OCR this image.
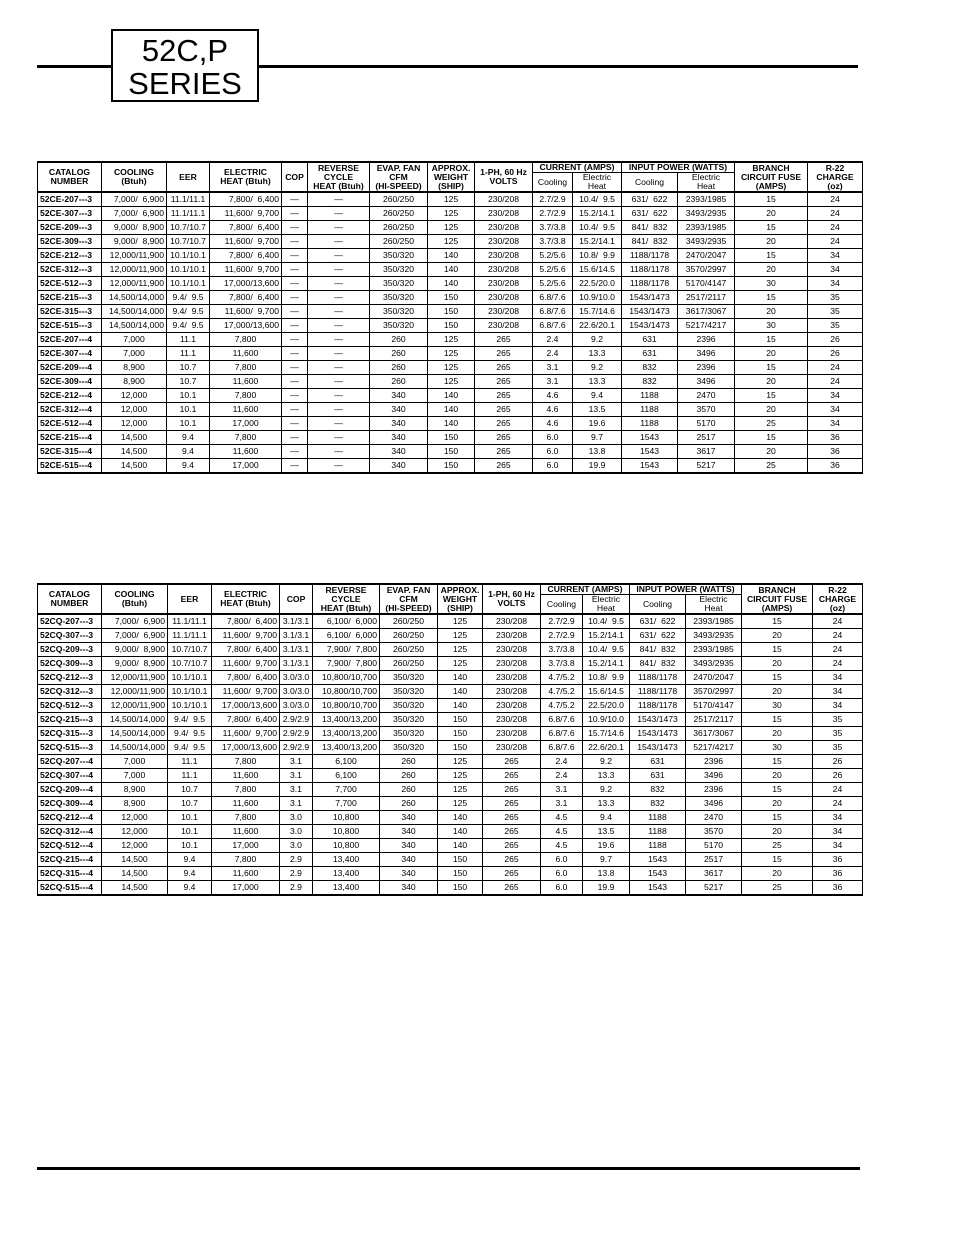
52C,P
SERIES
CATALOG
NUMBER	COOLING
(Btuh)	EER	ELECTRIC
HEAT (Btuh)	COP	REVERSE
CYCLE
HEAT (Btuh)	EVAP. FAN
CFM
(HI-SPEED)	APPROX.
WEIGHT
(SHIP)	1-PH, 60 Hz
VOLTS	CURRENT (AMPS)		INPUT POWER (WATTS)		BRANCH
CIRCUIT FUSE
(AMPS)	R-22
CHARGE
(oz)
									Cooling	Electric
Heat	Cooling	Electric
Heat		
52CE-207---3	7,000/  6,900	11.1/11.1	7,800/  6,400	—	—	260/250	125	230/208	2.7/2.9	10.4/  9.5	631/  622	2393/1985	15	24
52CE-307---3	7,000/  6,900	11.1/11.1	11,600/  9,700	—	—	260/250	125	230/208	2.7/2.9	15.2/14.1	631/  622	3493/2935	20	24
52CE-209---3	9,000/  8,900	10.7/10.7	7,800/  6,400	—	—	260/250	125	230/208	3.7/3.8	10.4/  9.5	841/  832	2393/1985	15	24
52CE-309---3	9,000/  8,900	10.7/10.7	11,600/  9,700	—	—	260/250	125	230/208	3.7/3.8	15.2/14.1	841/  832	3493/2935	20	24
52CE-212---3	12,000/11,900	10.1/10.1	7,800/  6,400	—	—	350/320	140	230/208	5.2/5.6	10.8/  9.9	1188/1178	2470/2047	15	34
52CE-312---3	12,000/11,900	10.1/10.1	11,600/  9,700	—	—	350/320	140	230/208	5.2/5.6	15.6/14.5	1188/1178	3570/2997	20	34
52CE-512---3	12,000/11,900	10.1/10.1	17,000/13,600	—	—	350/320	140	230/208	5.2/5.6	22.5/20.0	1188/1178	5170/4147	30	34
52CE-215---3	14,500/14,000	9.4/  9.5	7,800/  6,400	—	—	350/320	150	230/208	6.8/7.6	10.9/10.0	1543/1473	2517/2117	15	35
52CE-315---3	14,500/14,000	9.4/  9.5	11,600/  9,700	—	—	350/320	150	230/208	6.8/7.6	15.7/14.6	1543/1473	3617/3067	20	35
52CE-515---3	14,500/14,000	9.4/  9.5	17,000/13,600	—	—	350/320	150	230/208	6.8/7.6	22.6/20.1	1543/1473	5217/4217	30	35
52CE-207---4	7,000	11.1	7,800	—	—	260	125	265	2.4	9.2	631	2396	15	26
52CE-307---4	7,000	11.1	11,600	—	—	260	125	265	2.4	13.3	631	3496	20	26
52CE-209---4	8,900	10.7	7,800	—	—	260	125	265	3.1	9.2	832	2396	15	24
52CE-309---4	8,900	10.7	11,600	—	—	260	125	265	3.1	13.3	832	3496	20	24
52CE-212---4	12,000	10.1	7,800	—	—	340	140	265	4.6	9.4	1188	2470	15	34
52CE-312---4	12,000	10.1	11,600	—	—	340	140	265	4.6	13.5	1188	3570	20	34
52CE-512---4	12,000	10.1	17,000	—	—	340	140	265	4.6	19.6	1188	5170	25	34
52CE-215---4	14,500	9.4	7,800	—	—	340	150	265	6.0	9.7	1543	2517	15	36
52CE-315---4	14,500	9.4	11,600	—	—	340	150	265	6.0	13.8	1543	3617	20	36
52CE-515---4	14,500	9.4	17,000	—	—	340	150	265	6.0	19.9	1543	5217	25	36
CATALOG
NUMBER	COOLING
(Btuh)	EER	ELECTRIC
HEAT (Btuh)	COP	REVERSE
CYCLE
HEAT (Btuh)	EVAP. FAN
CFM
(HI-SPEED)	APPROX.
WEIGHT
(SHIP)	1-PH, 60 Hz
VOLTS	CURRENT (AMPS)		INPUT POWER (WATTS)		BRANCH
CIRCUIT FUSE
(AMPS)	R-22
CHARGE
(oz)
									Cooling	Electric
Heat	Cooling	Electric
Heat		
52CQ-207---3	7,000/  6,900	11.1/11.1	7,800/  6,400	3.1/3.1	6,100/  6,000	260/250	125	230/208	2.7/2.9	10.4/  9.5	631/  622	2393/1985	15	24
52CQ-307---3	7,000/  6,900	11.1/11.1	11,600/  9,700	3.1/3.1	6,100/  6,000	260/250	125	230/208	2.7/2.9	15.2/14.1	631/  622	3493/2935	20	24
52CQ-209---3	9,000/  8,900	10.7/10.7	7,800/  6,400	3.1/3.1	7,900/  7,800	260/250	125	230/208	3.7/3.8	10.4/  9.5	841/  832	2393/1985	15	24
52CQ-309---3	9,000/  8,900	10.7/10.7	11,600/  9,700	3.1/3.1	7,900/  7,800	260/250	125	230/208	3.7/3.8	15.2/14.1	841/  832	3493/2935	20	24
52CQ-212---3	12,000/11,900	10.1/10.1	7,800/  6,400	3.0/3.0	10,800/10,700	350/320	140	230/208	4.7/5.2	10.8/  9.9	1188/1178	2470/2047	15	34
52CQ-312---3	12,000/11,900	10.1/10.1	11,600/  9,700	3.0/3.0	10,800/10,700	350/320	140	230/208	4.7/5.2	15.6/14.5	1188/1178	3570/2997	20	34
52CQ-512---3	12,000/11,900	10.1/10.1	17,000/13,600	3.0/3.0	10,800/10,700	350/320	140	230/208	4.7/5.2	22.5/20.0	1188/1178	5170/4147	30	34
52CQ-215---3	14,500/14,000	9.4/  9.5	7,800/  6,400	2.9/2.9	13,400/13,200	350/320	150	230/208	6.8/7.6	10.9/10.0	1543/1473	2517/2117	15	35
52CQ-315---3	14,500/14,000	9.4/  9.5	11,600/  9,700	2.9/2.9	13,400/13,200	350/320	150	230/208	6.8/7.6	15.7/14.6	1543/1473	3617/3067	20	35
52CQ-515---3	14,500/14,000	9.4/  9.5	17,000/13,600	2.9/2.9	13,400/13,200	350/320	150	230/208	6.8/7.6	22.6/20.1	1543/1473	5217/4217	30	35
52CQ-207---4	7,000	11.1	7,800	3.1	6,100	260	125	265	2.4	9.2	631	2396	15	26
52CQ-307---4	7,000	11.1	11,600	3.1	6,100	260	125	265	2.4	13.3	631	3496	20	26
52CQ-209---4	8,900	10.7	7,800	3.1	7,700	260	125	265	3.1	9.2	832	2396	15	24
52CQ-309---4	8,900	10.7	11,600	3.1	7,700	260	125	265	3.1	13.3	832	3496	20	24
52CQ-212---4	12,000	10.1	7,800	3.0	10,800	340	140	265	4.5	9.4	1188	2470	15	34
52CQ-312---4	12,000	10.1	11,600	3.0	10,800	340	140	265	4.5	13.5	1188	3570	20	34
52CQ-512---4	12,000	10.1	17,000	3.0	10,800	340	140	265	4.5	19.6	1188	5170	25	34
52CQ-215---4	14,500	9.4	7,800	2.9	13,400	340	150	265	6.0	9.7	1543	2517	15	36
52CQ-315---4	14,500	9.4	11,600	2.9	13,400	340	150	265	6.0	13.8	1543	3617	20	36
52CQ-515---4	14,500	9.4	17,000	2.9	13,400	340	150	265	6.0	19.9	1543	5217	25	36
